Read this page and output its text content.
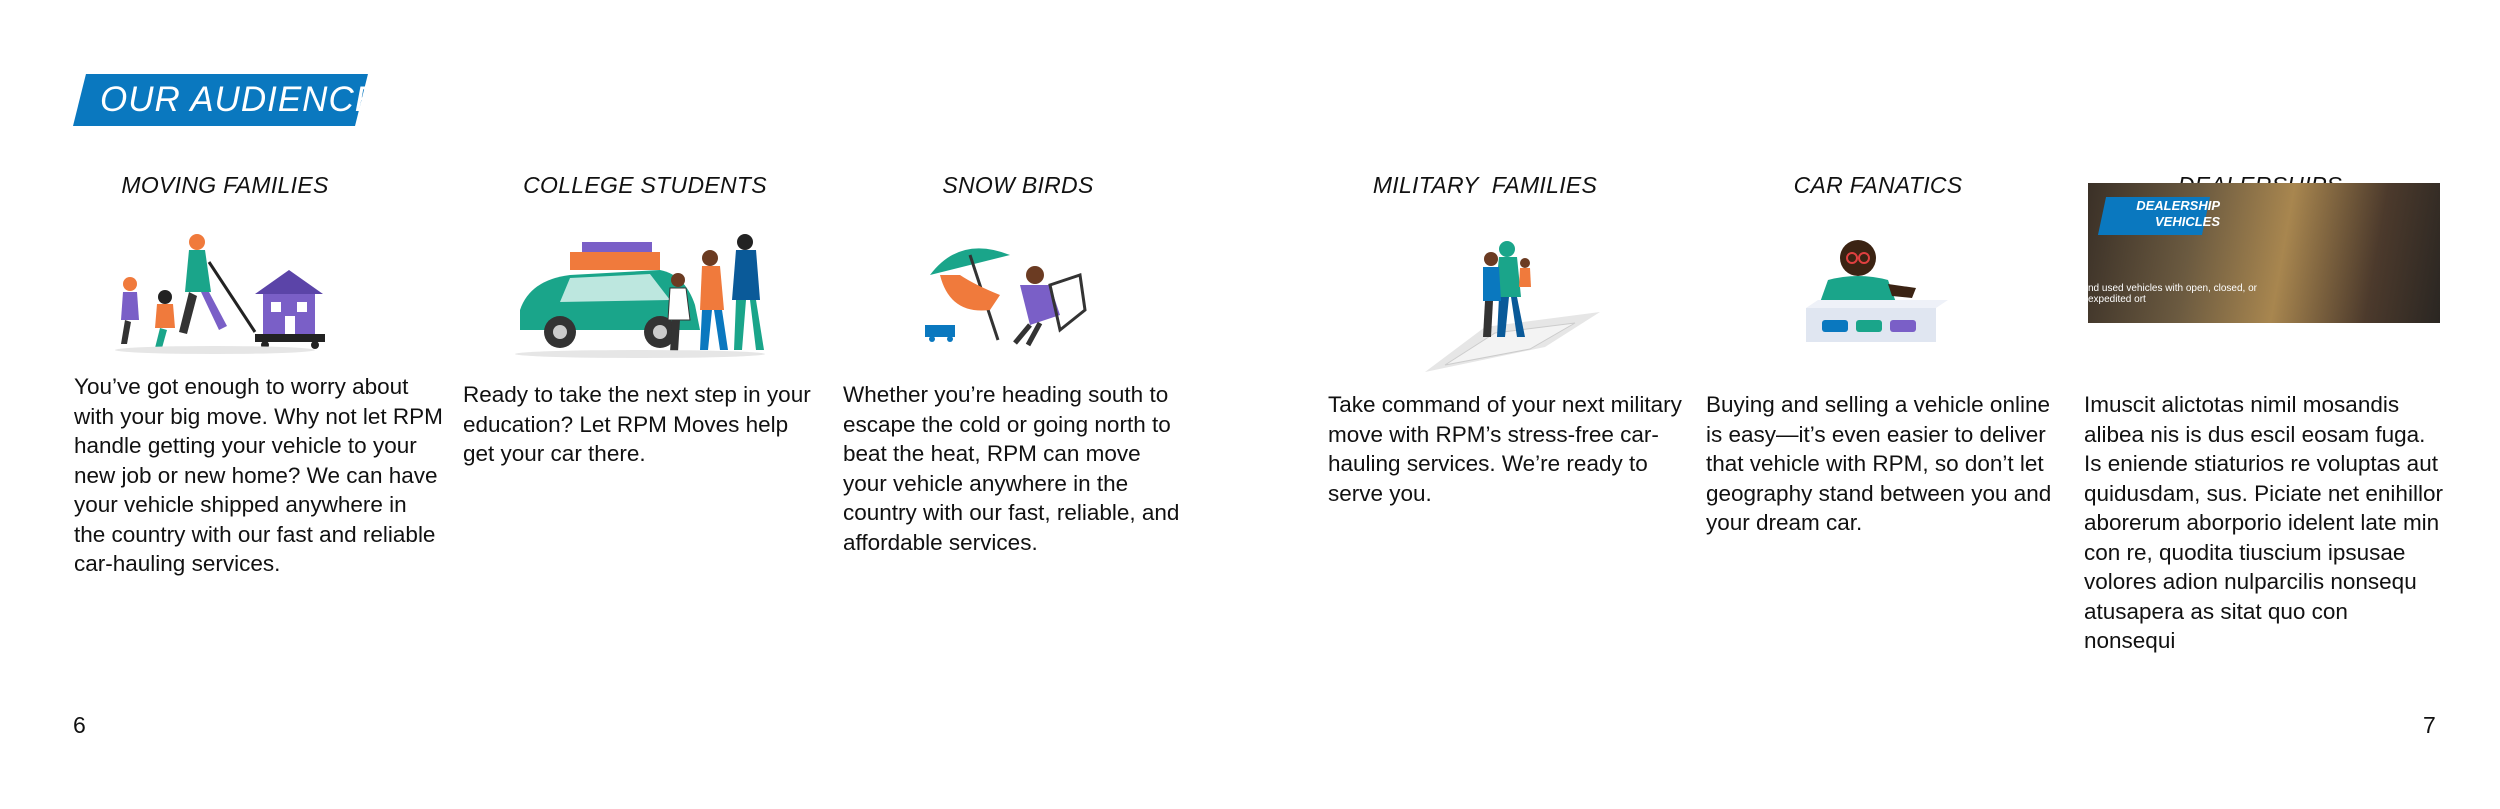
OUR AUDIENCE
MOVING FAMILIES	COLLEGE STUDENTS	SNOW BIRDS	MILITARY  FAMILIES	CAR FANATICS
DEALERSHIP VEHICLES
nd used vehicles with open, closed, or expedited ort
You’ve got enough to worry about with your big move. Why not let RPM handle getting your vehicle to your new job or new home? We can have your vehicle shipped anywhere in the country with our fast and reliable car-hauling services.
Ready to take the next step in your education? Let RPM Moves help get your car there.
Whether you’re heading south to escape the cold or going north to beat the heat, RPM can move your vehicle anywhere in the country with our fast, reliable, and affordable services.
Take command of your next military move with RPM’s stress-free car-hauling services. We’re ready to serve you.
Buying and selling a vehicle online is easy—it’s even easier to deliver that vehicle with RPM, so don’t let geography stand between you and your dream car.
Imuscit alictotas nimil mosandis alibea nis is dus escil eosam fuga. Is eniende stiaturios re voluptas aut quidusdam, sus. Piciate net enihillor aborerum aborporio idelent late min con re, quodita tiuscium ipsusae volores adion nulparcilis nonsequ atusapera as sitat quo con nonsequi
6	7
